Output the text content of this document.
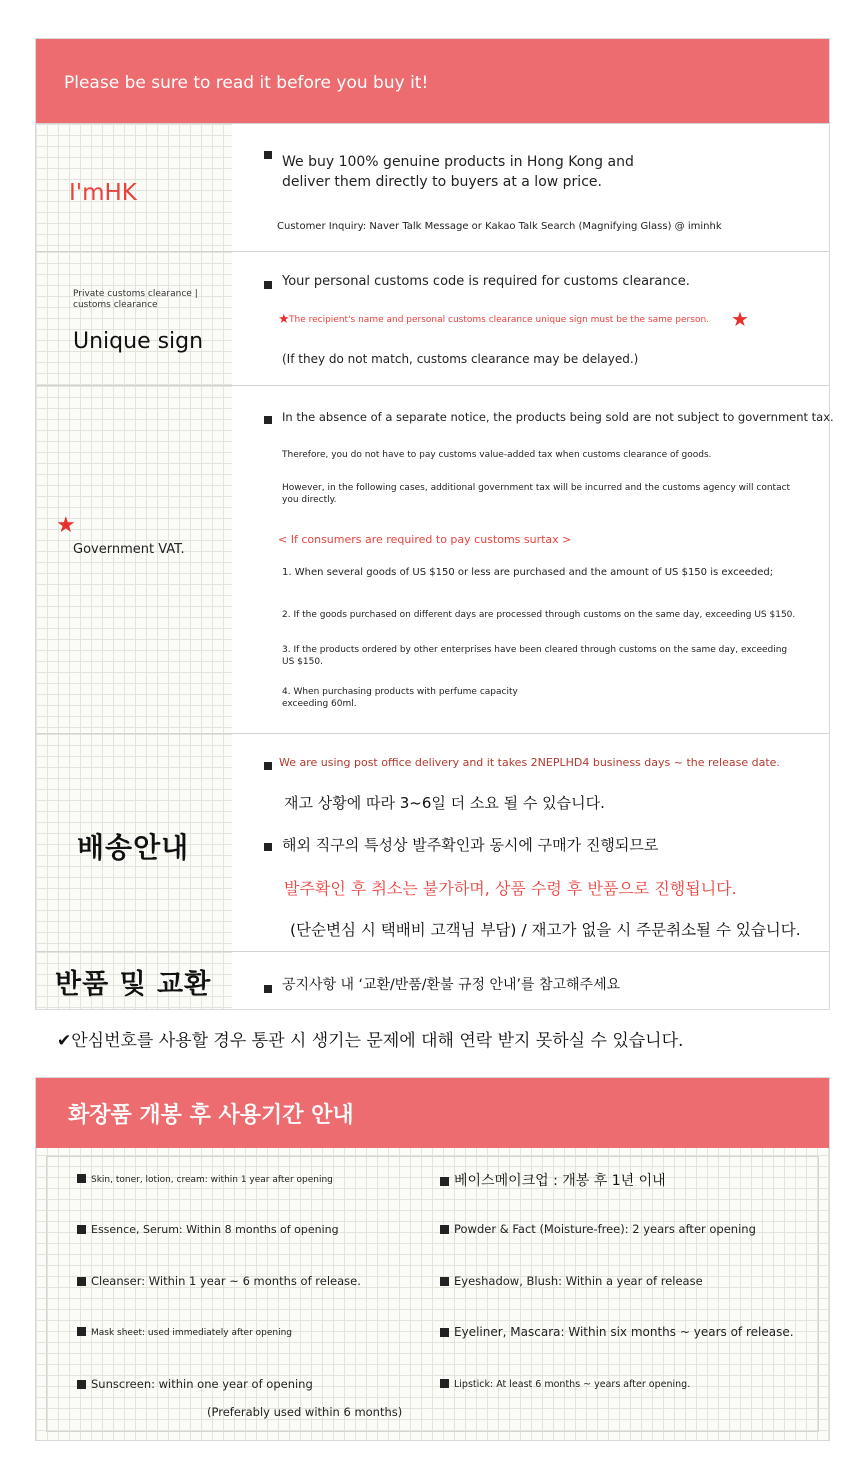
Please be sure to read it before you buy it!
I'mHK
We buy 100% genuine products in Hong Kong and
deliver them directly to buyers at a low price.
Customer Inquiry: Naver Talk Message or Kakao Talk Search (Magnifying Glass) @ iminhk
Private customs clearance |
customs clearance
Unique sign
Your personal customs code is required for customs clearance.
★ The recipient's name and personal customs clearance unique sign must be the same person. ★
(If they do not match, customs clearance may be delayed.)
★
Government VAT.
In the absence of a separate notice, the products being sold are not subject to government tax.
Therefore, you do not have to pay customs value-added tax when customs clearance of goods.
However, in the following cases, additional government tax will be incurred and the customs agency will contact
you directly.
< If consumers are required to pay customs surtax >
1. When several goods of US $150 or less are purchased and the amount of US $150 is exceeded;
2. If the goods purchased on different days are processed through customs on the same day, exceeding US $150.
3. If the products ordered by other enterprises have been cleared through customs on the same day, exceeding
US $150.
4. When purchasing products with perfume capacity
exceeding 60ml.
배송안내
We are using post office delivery and it takes 2NEPLHD4 business days ~ the release date.
재고 상황에 따라 3~6일 더 소요 될 수 있습니다.
해외 직구의 특성상 발주확인과 동시에 구매가 진행되므로
발주확인 후 취소는 불가하며, 상품 수령 후 반품으로 진행됩니다.
(단순변심 시 택배비 고객님 부담) / 재고가 없을 시 주문취소될 수 있습니다.
반품 및 교환	공지사항 내 ‘교환/반품/환불 규정 안내’를 참고해주세요
✔안심번호를 사용할 경우 통관 시 생기는 문제에 대해 연락 받지 못하실 수 있습니다.
화장품 개봉 후 사용기간 안내
Skin, toner, lotion, cream: within 1 year after opening
Essence, Serum: Within 8 months of opening
Cleanser: Within 1 year ~ 6 months of release.
Mask sheet: used immediately after opening
Sunscreen: within one year of opening
(Preferably used within 6 months)
베이스메이크업 : 개봉 후 1년 이내
Powder & Fact (Moisture-free): 2 years after opening
Eyeshadow, Blush: Within a year of release
Eyeliner, Mascara: Within six months ~ years of release.
Lipstick: At least 6 months ~ years after opening.
